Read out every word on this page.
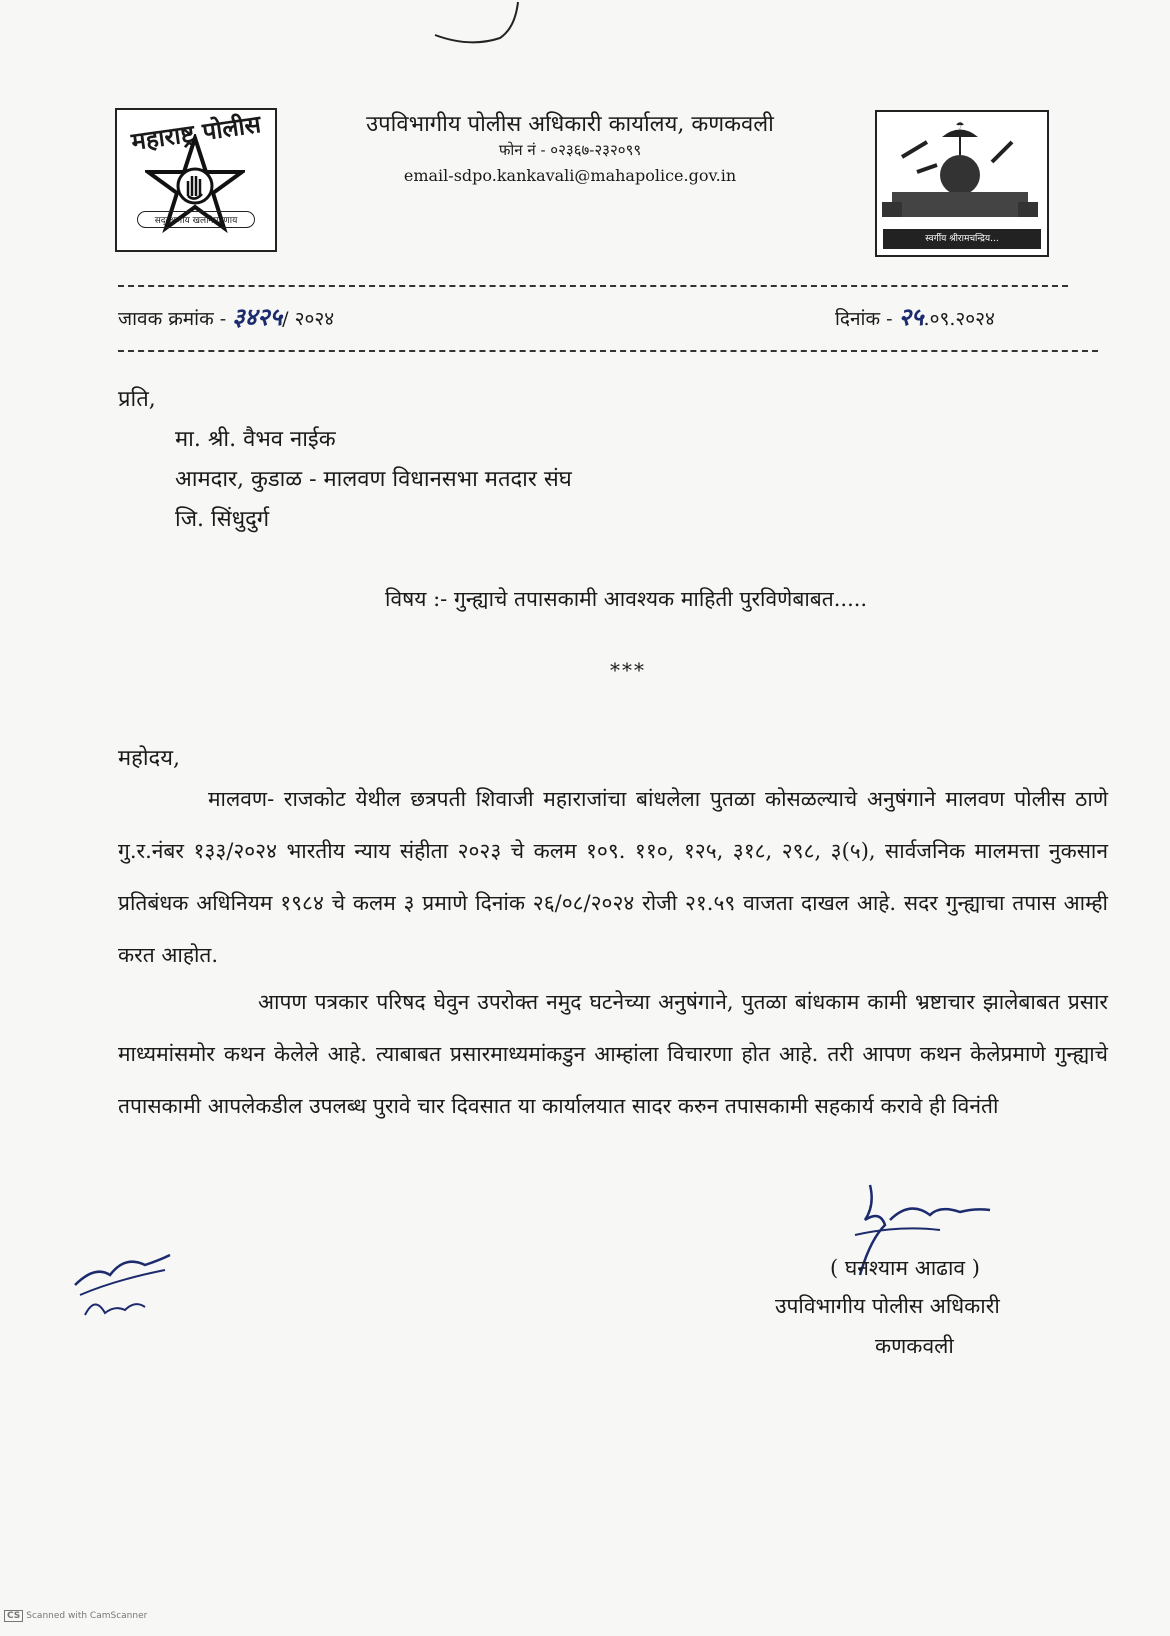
महाराष्ट्र पोलीस
सद्‌रक्षणाय खलनिग्रहणाय
उपविभागीय पोलीस अधिकारी कार्यालय, कणकवली
फोन नं - ०२३६७-२३२०९९
email-sdpo.kankavali@mahapolice.gov.in
☂
स्वर्गीय श्रीरामचन्द्रिय...
जावक क्रमांक - ३४२५/ २०२४	दिनांक - २५.०९.२०२४
प्रति,
मा. श्री. वैभव नाईक
आमदार, कुडाळ - मालवण विधानसभा मतदार संघ
जि. सिंधुदुर्ग
विषय :- गुन्ह्याचे तपासकामी आवश्यक माहिती पुरविणेबाबत.....
***
महोदय,
मालवण- राजकोट येथील छत्रपती शिवाजी महाराजांचा बांधलेला पुतळा कोसळल्याचे अनुषंगाने मालवण पोलीस ठाणे गु.र.नंबर १३३/२०२४ भारतीय न्याय संहीता २०२३ चे कलम १०९. ११०, १२५, ३१८, २९८, ३(५), सार्वजनिक मालमत्ता नुकसान प्रतिबंधक अधिनियम १९८४ चे कलम ३ प्रमाणे दिनांक २६/०८/२०२४ रोजी २१.५९ वाजता दाखल आहे. सदर गुन्ह्याचा तपास आम्ही करत आहोत.
आपण पत्रकार परिषद घेवुन उपरोक्त नमुद घटनेच्या अनुषंगाने, पुतळा बांधकाम कामी भ्रष्टाचार झालेबाबत प्रसार माध्यमांसमोर कथन केलेले आहे. त्याबाबत प्रसारमाध्यमांकडुन आम्हांला विचारणा होत आहे. तरी आपण कथन केलेप्रमाणे गुन्ह्याचे तपासकामी आपलेकडील उपलब्ध पुरावे चार दिवसात या कार्यालयात सादर करुन तपासकामी सहकार्य करावे ही विनंती
( घनश्याम आढाव )
उपविभागीय पोलीस अधिकारी
कणकवली
CS Scanned with CamScanner
